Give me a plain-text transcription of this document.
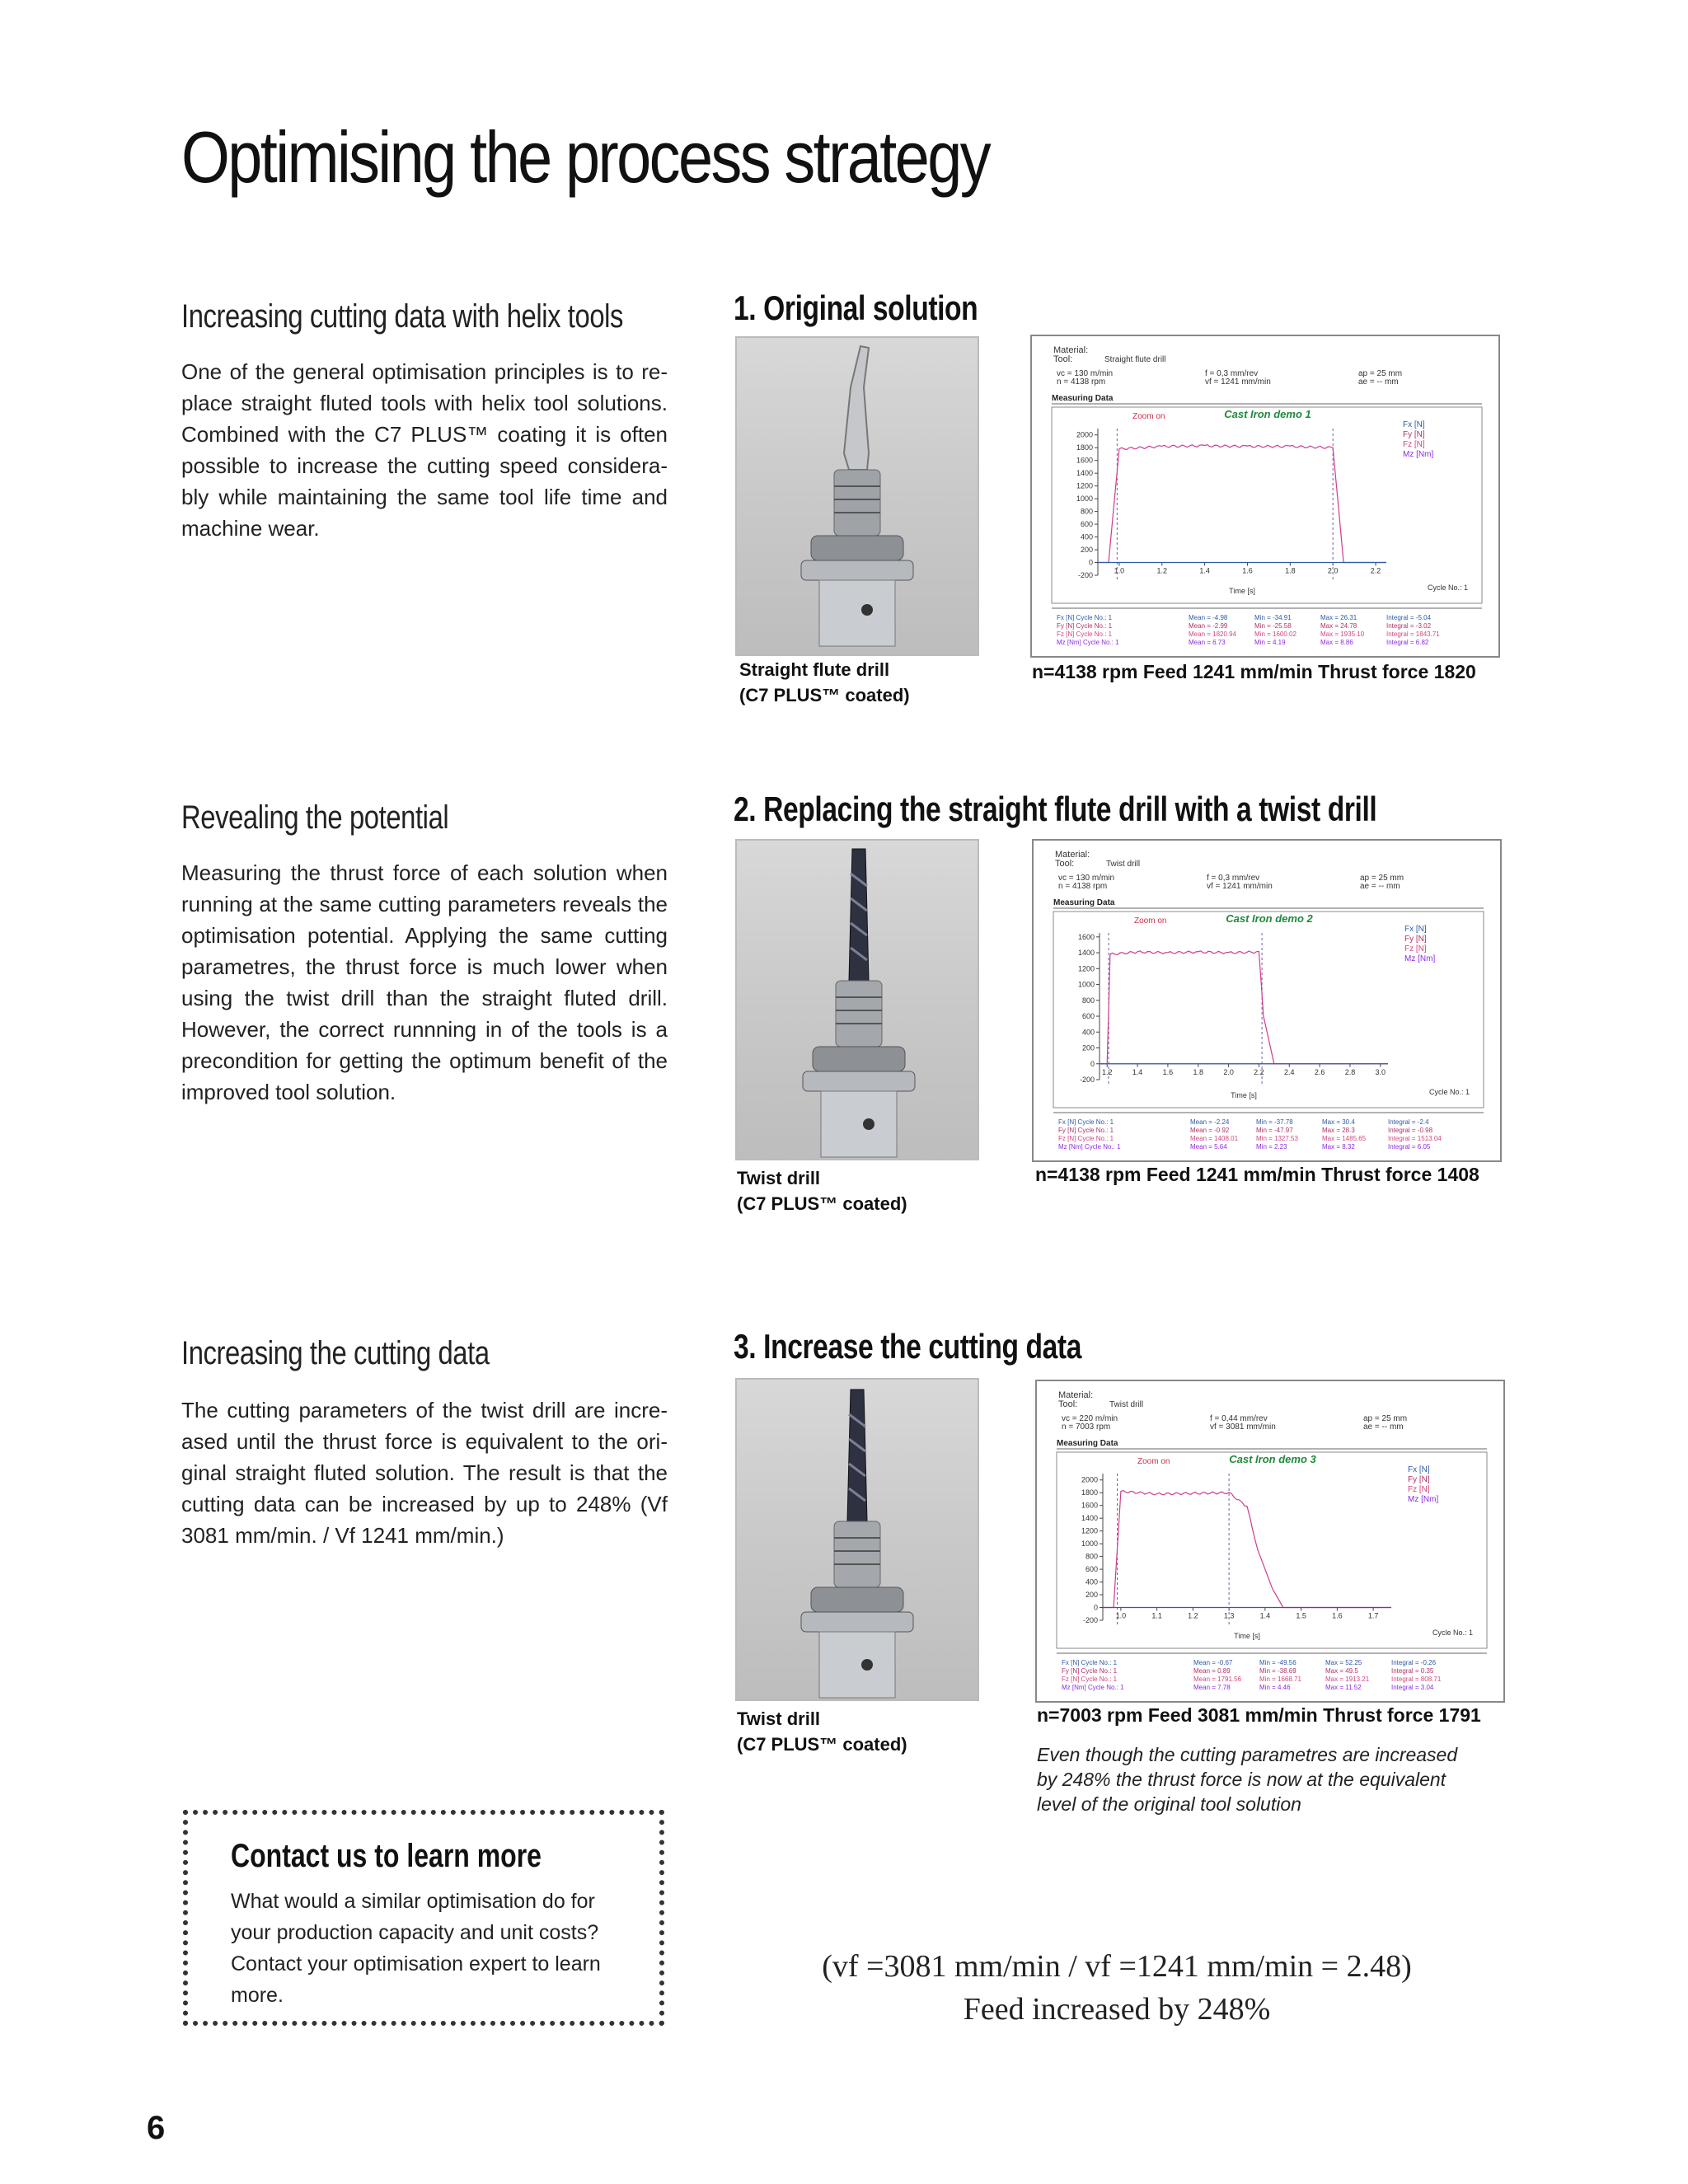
Optimising the process strategy
Increasing cutting data with helix tools
One of the general optimisation principles is to re-place straight fluted tools with helix tool solutions. Combined with the C7 PLUS™ coating it is often possible to increase the cutting speed considera-bly while maintaining the same tool life time and machine wear.
Revealing the potential
Measuring the thrust force of each solution when running at the same cutting parameters reveals the optimisation potential. Applying the same cutting parametres, the thrust force is much lower when using the twist drill than the straight fluted drill. However, the correct runnning in of the tools is a precondition for getting the optimum benefit of the improved tool solution.
Increasing the cutting data
The cutting parameters of the twist drill are incre-ased until the thrust force is equivalent to the ori-ginal straight fluted solution. The result is that the cutting data can be increased by up to 248% (Vf 3081 mm/min. / Vf 1241 mm/min.)
1. Original solution
Straight flute drill
(C7 PLUS™ coated)
Material:
Tool:	Straight flute drill
vc = 130 m/min
n = 4138 rpm
f = 0,3 mm/rev
vf = 1241 mm/min
ap = 25 mm
ae = -- mm
Measuring Data
Zoom on	Cast Iron demo 1
Fx [N]
Fy [N]
Fz [N]
Mz [Nm]
2000
1800
1600
1400
1200
1000
800
600
400
200
0
-200
1.0	1.2	1.4	1.6	1.8	2.0	2.2
Time [s]	Cycle No.: 1
Fx [N] Cycle No.: 1	Mean = -4.98	Min = -34.91	Max = 26.31	Integral = -5.04
Fy [N] Cycle No.: 1	Mean = -2.99	Min = -25.58	Max = 24.78	Integral = -3.02
Fz [N] Cycle No.: 1	Mean = 1820.94	Min = 1600.02	Max = 1935.10	Integral = 1843.71
Mz [Nm] Cycle No.: 1	Mean = 6.73	Min = 4.19	Max = 8.86	Integral = 6.82
n=4138 rpm Feed 1241 mm/min Thrust force 1820
2. Replacing the straight flute drill with a twist drill
Twist drill
(C7 PLUS™ coated)
Material:
Tool:	Twist drill
vc = 130 m/min
n = 4138 rpm
f = 0,3 mm/rev
vf = 1241 mm/min
ap = 25 mm
ae = -- mm
Measuring Data
Zoom on	Cast Iron demo 2
Fx [N]
Fy [N]
Fz [N]
Mz [Nm]
1600
1400
1200
1000
800
600
400
200
0
-200
1.2	1.4	1.6	1.8	2.0	2.2	2.4	2.6	2.8	3.0
Time [s]	Cycle No.: 1
Fx [N] Cycle No.: 1	Mean = -2.24	Min = -37.78	Max = 30.4	Integral = -2.4
Fy [N] Cycle No.: 1	Mean = -0.92	Min = -47.97	Max = 28.3	Integral = -0.98
Fz [N] Cycle No.: 1	Mean = 1408.01	Min = 1327.53	Max = 1485.65	Integral = 1513.04
Mz [Nm] Cycle No.: 1	Mean = 5.64	Min = 2.23	Max = 8.32	Integral = 6.05
n=4138 rpm Feed 1241 mm/min Thrust force 1408
3. Increase the cutting data
Twist drill
(C7 PLUS™ coated)
Material:
Tool:	Twist drill
vc = 220 m/min
n = 7003 rpm
f = 0,44 mm/rev
vf = 3081 mm/min
ap = 25 mm
ae = -- mm
Measuring Data
Zoom on	Cast Iron demo 3
Fx [N]
Fy [N]
Fz [N]
Mz [Nm]
2000
1800
1600
1400
1200
1000
800
600
400
200
0
-200
1.0	1.1	1.2	1.3	1.4	1.5	1.6	1.7
Time [s]	Cycle No.: 1
Fx [N] Cycle No.: 1	Mean = -0.67	Min = -49.56	Max = 52.25	Integral = -0.26
Fy [N] Cycle No.: 1	Mean = 0.89	Min = -38.69	Max = 49.5	Integral = 0.35
Fz [N] Cycle No.: 1	Mean = 1791.56	Min = 1668.71	Max = 1913.21	Integral = 808.71
Mz [Nm] Cycle No.: 1	Mean = 7.78	Min = 4.46	Max = 11.52	Integral = 3.04
n=7003 rpm Feed 3081 mm/min Thrust force 1791
Even though the cutting parametres are increased by 248% the thrust force is now at the equivalent level of the original tool solution
Contact us to learn more
What would a similar optimisation do for your production capacity and unit costs? Contact your optimisation expert to learn more.
(vf =3081 mm/min / vf =1241 mm/min = 2.48)
Feed increased by 248%
6
